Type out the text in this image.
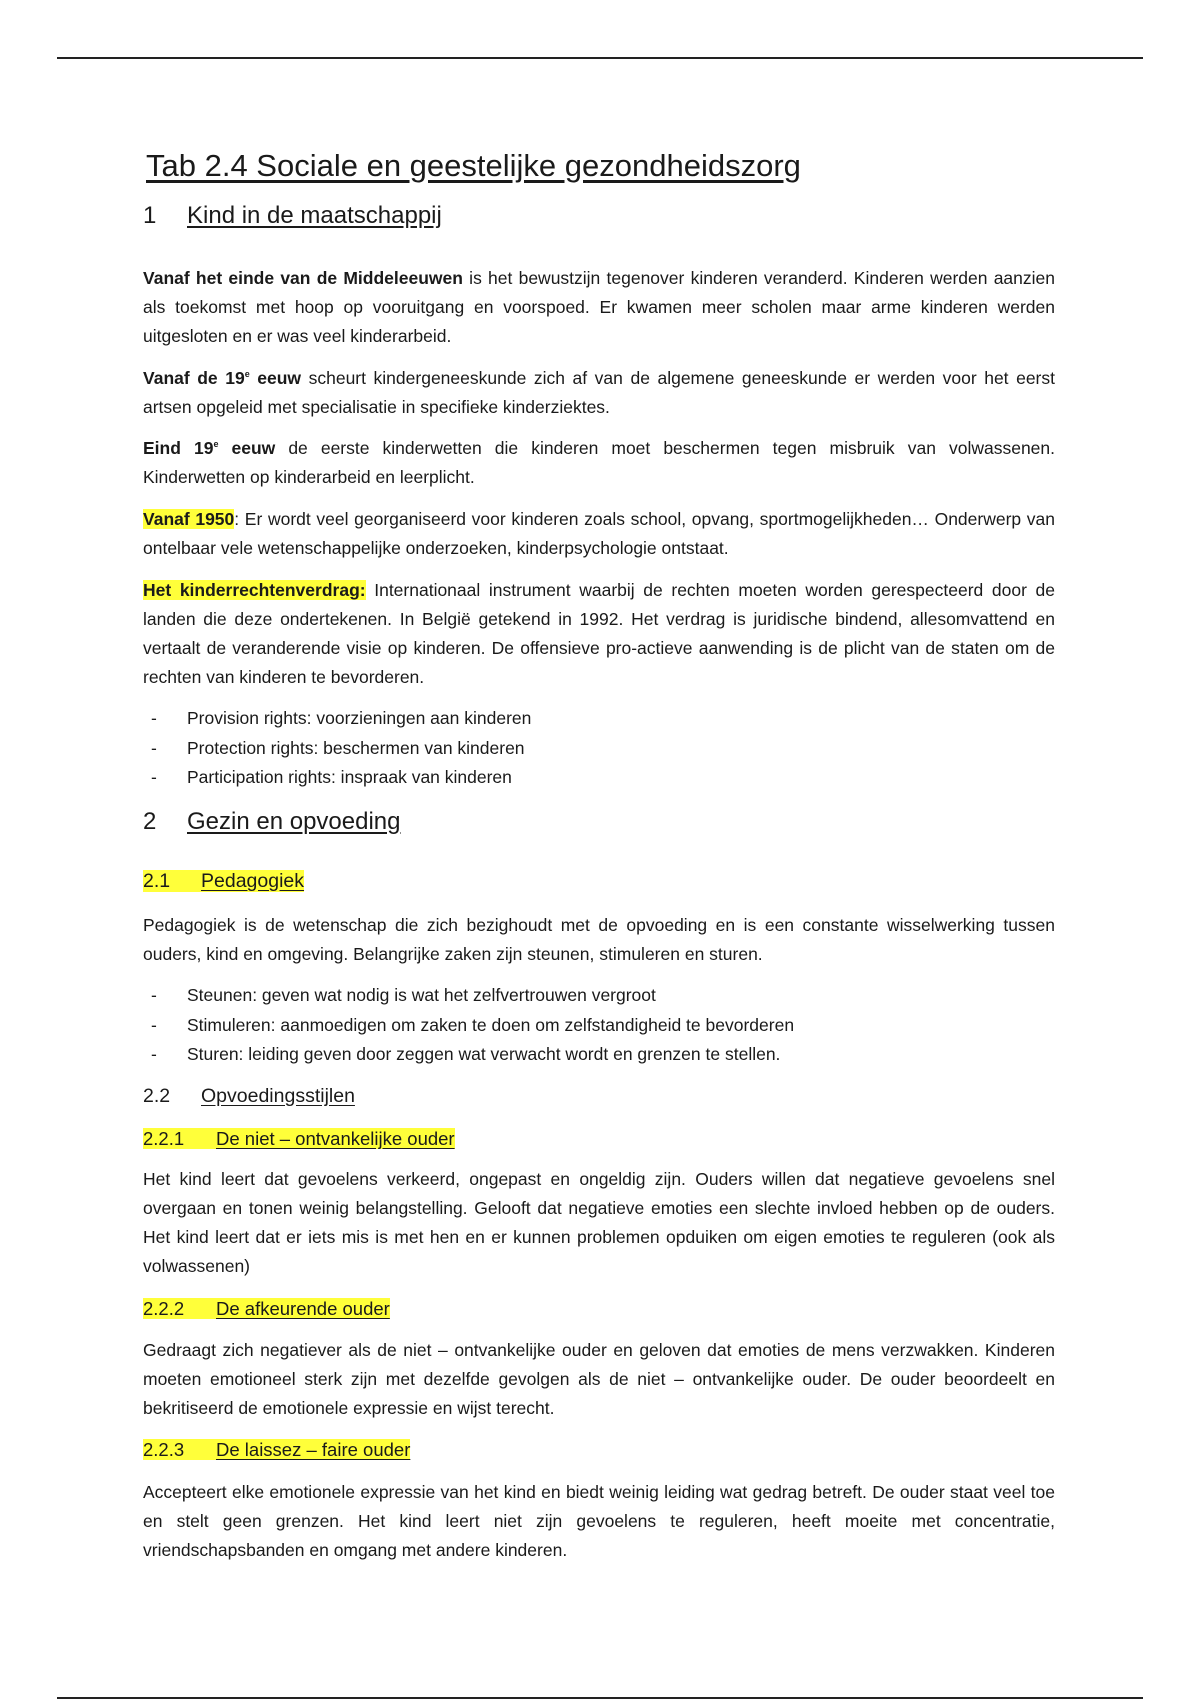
Tab 2.4 Sociale en geestelijke gezondheidszorg
1 Kind in de maatschappij

Vanaf het einde van de Middeleeuwen is het bewustzijn tegenover kinderen veranderd. Kinderen werden aanzien als toekomst met hoop op vooruitgang en voorspoed. Er kwamen meer scholen maar arme kinderen werden uitgesloten en er was veel kinderarbeid.

Vanaf de 19e eeuw scheurt kindergeneeskunde zich af van de algemene geneeskunde er werden voor het eerst artsen opgeleid met specialisatie in specifieke kinderziektes.

Eind 19e eeuw de eerste kinderwetten die kinderen moet beschermen tegen misbruik van volwassenen. Kinderwetten op kinderarbeid en leerplicht.

Vanaf 1950: Er wordt veel georganiseerd voor kinderen zoals school, opvang, sportmogelijkheden… Onderwerp van ontelbaar vele wetenschappelijke onderzoeken, kinderpsychologie ontstaat.

Het kinderrechtenverdrag: Internationaal instrument waarbij de rechten moeten worden gerespecteerd door de landen die deze ondertekenen. In België getekend in 1992. Het verdrag is juridische bindend, allesomvattend en vertaalt de veranderende visie op kinderen. De offensieve pro-actieve aanwending is de plicht van de staten om de rechten van kinderen te bevorderen.

- Provision rights: voorzieningen aan kinderen
- Protection rights: beschermen van kinderen
- Participation rights: inspraak van kinderen
2 Gezin en opvoeding
2.1 Pedagogiek

Pedagogiek is de wetenschap die zich bezighoudt met de opvoeding en is een constante wisselwerking tussen ouders, kind en omgeving. Belangrijke zaken zijn steunen, stimuleren en sturen.

- Steunen: geven wat nodig is wat het zelfvertrouwen vergroot
- Stimuleren: aanmoedigen om zaken te doen om zelfstandigheid te bevorderen
- Sturen: leiding geven door zeggen wat verwacht wordt en grenzen te stellen.
2.2 Opvoedingsstijlen
2.2.1 De niet – ontvankelijke ouder

Het kind leert dat gevoelens verkeerd, ongepast en ongeldig zijn. Ouders willen dat negatieve gevoelens snel overgaan en tonen weinig belangstelling. Gelooft dat negatieve emoties een slechte invloed hebben op de ouders. Het kind leert dat er iets mis is met hen en er kunnen problemen opduiken om eigen emoties te reguleren (ook als volwassenen)

2.2.2 De afkeurende ouder

Gedraagt zich negatiever als de niet – ontvankelijke ouder en geloven dat emoties de mens verzwakken. Kinderen moeten emotioneel sterk zijn met dezelfde gevolgen als de niet – ontvankelijke ouder. De ouder beoordeelt en bekritiseerd de emotionele expressie en wijst terecht.

2.2.3 De laissez – faire ouder

Accepteert elke emotionele expressie van het kind en biedt weinig leiding wat gedrag betreft. De ouder staat veel toe en stelt geen grenzen. Het kind leert niet zijn gevoelens te reguleren, heeft moeite met concentratie, vriendschapsbanden en omgang met andere kinderen.
